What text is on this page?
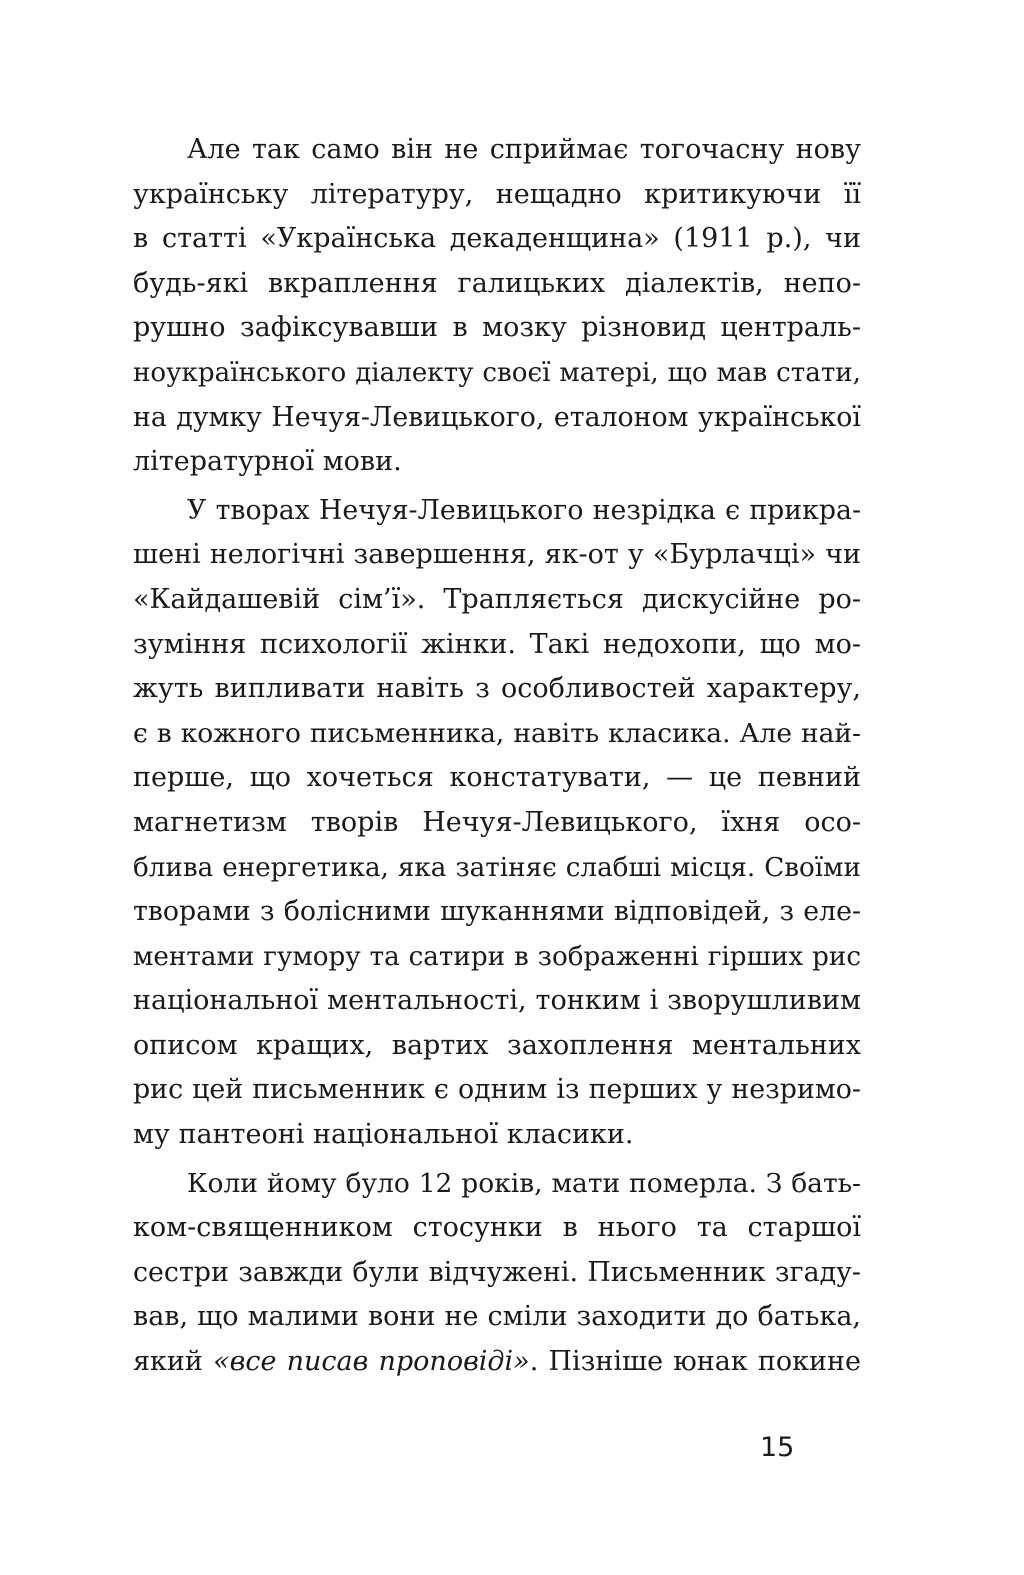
Але так само він не сприймає тогочасну нову
українську літературу, нещадно критикуючи її
в статті «Українська декаденщина» (1911 р.), чи
будь-які вкраплення галицьких діалектів, непо-
рушно зафіксувавши в мозку різновид централь-
ноукраїнського діалекту своєї матері, що мав стати,
на думку Нечуя-Левицького, еталоном української
літературної мови.
У творах Нечуя-Левицького незрідка є прикра-
шені нелогічні завершення, як-от у «Бурлачці» чи
«Кайдашевій сім’ї». Трапляється дискусійне ро-
зуміння психології жінки. Такі недохопи, що мо-
жуть випливати навіть з особливостей характеру,
є в кожного письменника, навіть класика. Але най-
перше, що хочеться констатувати, — це певний
магнетизм творів Нечуя-Левицького, їхня осо-
блива енергетика, яка затіняє слабші місця. Своїми
творами з болісними шуканнями відповідей, з еле-
ментами гумору та сатири в зображенні гірших рис
національної ментальності, тонким і зворушливим
описом кращих, вартих захоплення ментальних
рис цей письменник є одним із перших у незримо-
му пантеоні національної класики.
Коли йому було 12 років, мати померла. З бать-
ком-священником стосунки в нього та старшої
сестри завжди були відчужені. Письменник згаду-
вав, що малими вони не сміли заходити до батька,
який «все писав проповіді». Пізніше юнак покине
15
